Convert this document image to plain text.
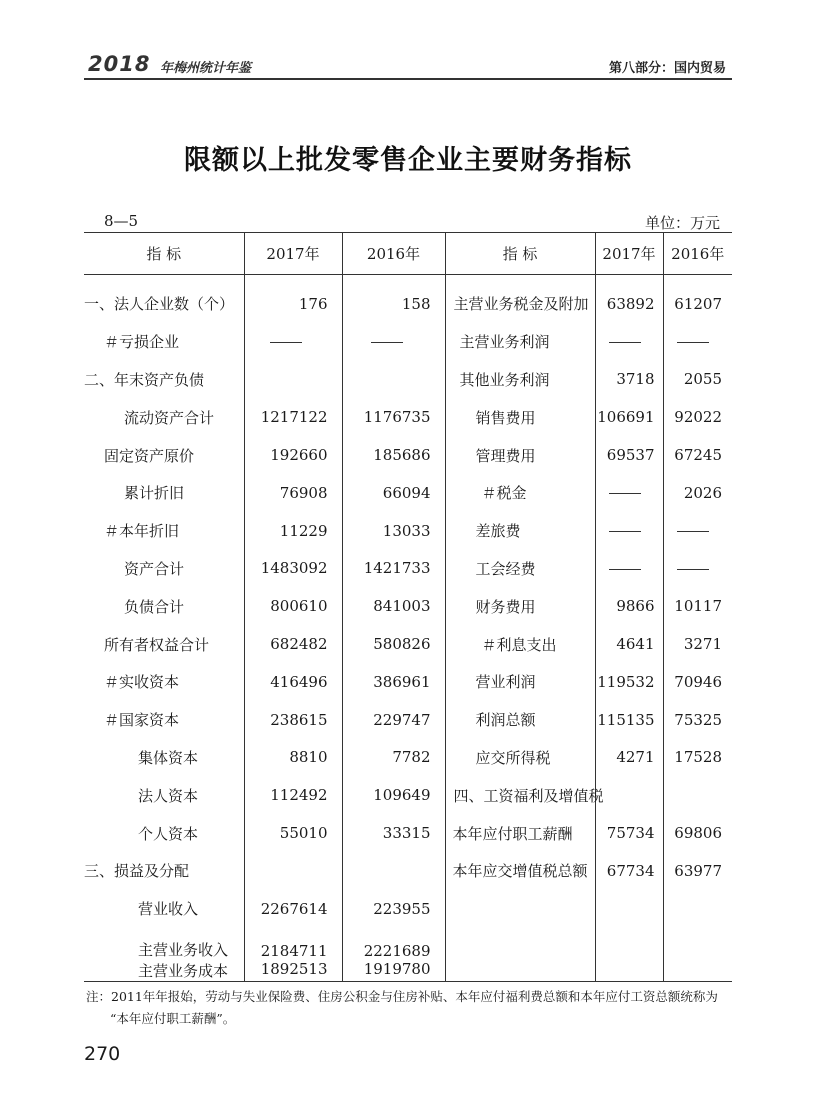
2018 年梅州统计年鉴	第八部分：国内贸易
限额以上批发零售企业主要财务指标
8—5	单位：万元
指 标	2017年	2016年	指 标	2017年	2016年

一、法人企业数（个）	176	158	主营业务税金及附加	63892	61207
＃亏损企业			主营业务利润		
二、年末资产负债			其他业务利润	3718	2055
流动资产合计	1217122	1176735	销售费用	106691	92022
固定资产原价	192660	185686	管理费用	69537	67245
累计折旧	76908	66094	＃税金		2026
＃本年折旧	11229	13033	差旅费		
资产合计	1483092	1421733	工会经费		
负债合计	800610	841003	财务费用	9866	10117
所有者权益合计	682482	580826	＃利息支出	4641	3271
＃实收资本	416496	386961	营业利润	119532	70946
＃国家资本	238615	229747	利润总额	115135	75325
集体资本	8810	7782	应交所得税	4271	17528
法人资本	112492	109649	四、工资福利及增值税		
个人资本	55010	33315	本年应付职工薪酬	75734	69806
三、损益及分配			本年应交增值税总额	67734	63977
营业收入	2267614	223955			
主营业务收入	2184711	2221689			
主营业务成本	1892513	1919780			
注：2011年年报始，劳动与失业保险费、住房公积金与住房补贴、本年应付福利费总额和本年应付工资总额统称为
“本年应付职工薪酬”。
270
